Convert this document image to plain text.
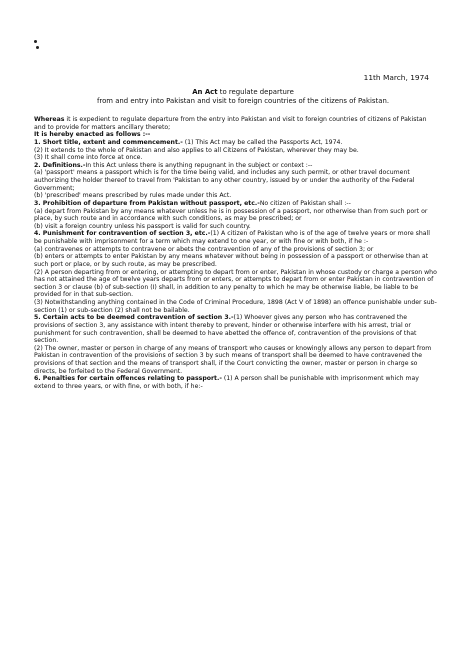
11th March, 1974
An Act to regulate departure
from and entry into Pakistan and visit to foreign countries of the citizens of Pakistan.

Whereas it is expedient to regulate departure from the entry into Pakistan and visit to foreign countries of citizens of Pakistan and to provide for matters ancillary thereto;

It is hereby enacted as follows :--

1. Short title, extent and commencement.- (1) This Act may be called the Passports Act, 1974.

(2) It extends to the whole of Pakistan and also applies to all Citizens of Pakistan, wherever they may be.

(3) It shall come into force at once.

2. Definitions.-In this Act unless there is anything repugnant in the subject or context :--

(a) 'passport' means a passport which is for the time being valid, and includes any such permit, or other travel document authorizing the holder thereof to travel from 'Pakistan to any other country, issued by or under the authority of the Federal Government;

(b) 'prescribed' means prescribed by rules made under this Act.

3. Prohibition of departure from Pakistan without passport, etc.-No citizen of Pakistan shall :--

(a) depart from Pakistan by any means whatever unless he is in possession of a passport, nor otherwise than from such port or place, by such route and in accordance with such conditions, as may be prescribed; or

(b) visit a foreign country unless his passport is valid for such country.

4. Punishment for contravention of section 3, etc.-(1) A citizen of Pakistan who is of the age of twelve years or more shall be punishable with imprisonment for a term which may extend to one year, or with fine or with both, if he :-

(a) contravenes or attempts to contravene or abets the contravention of any of the provisions of section 3; or

(b) enters or attempts to enter Pakistan by any means whatever without being in possession of a passport or otherwise than at such port or place, or by such route, as may be prescribed.

(2) A person departing from or entering, or attempting to depart from or enter, Pakistan in whose custody or charge a person who has not attained the age of twelve years departs from or enters, or attempts to depart from or enter Pakistan in contravention of section 3 or clause (b) of sub-section (I) shall, in addition to any penalty to which he may be otherwise liable, be liable to be provided for in that sub-section.

(3) Notwithstanding anything contained in the Code of Criminal Procedure, 1898 (Act V of 1898) an offence punishable under sub-section (1) or sub-section (2) shall not be bailable.

5. Certain acts to be deemed contravention of section 3.-(1) Whoever gives any person who has contravened the provisions of section 3, any assistance with intent thereby to prevent, hinder or otherwise interfere with his arrest, trial or punishment for such contravention, shall be deemed to have abetted the offence of, contravention of the provisions of that section.

(2) The owner, master or person in charge of any means of transport who causes or knowingly allows any person to depart from Pakistan in contravention of the provisions of section 3 by such means of transport shall be deemed to have contravened the provisions of that section and the means of transport shall, if the Court convicting the owner, master or person in charge so directs, be forfeited to the Federal Government.

6. Penalties for certain offences relating to passport.- (1) A person shall be punishable with imprisonment which may extend to three years, or with fine, or with both, if he:-
